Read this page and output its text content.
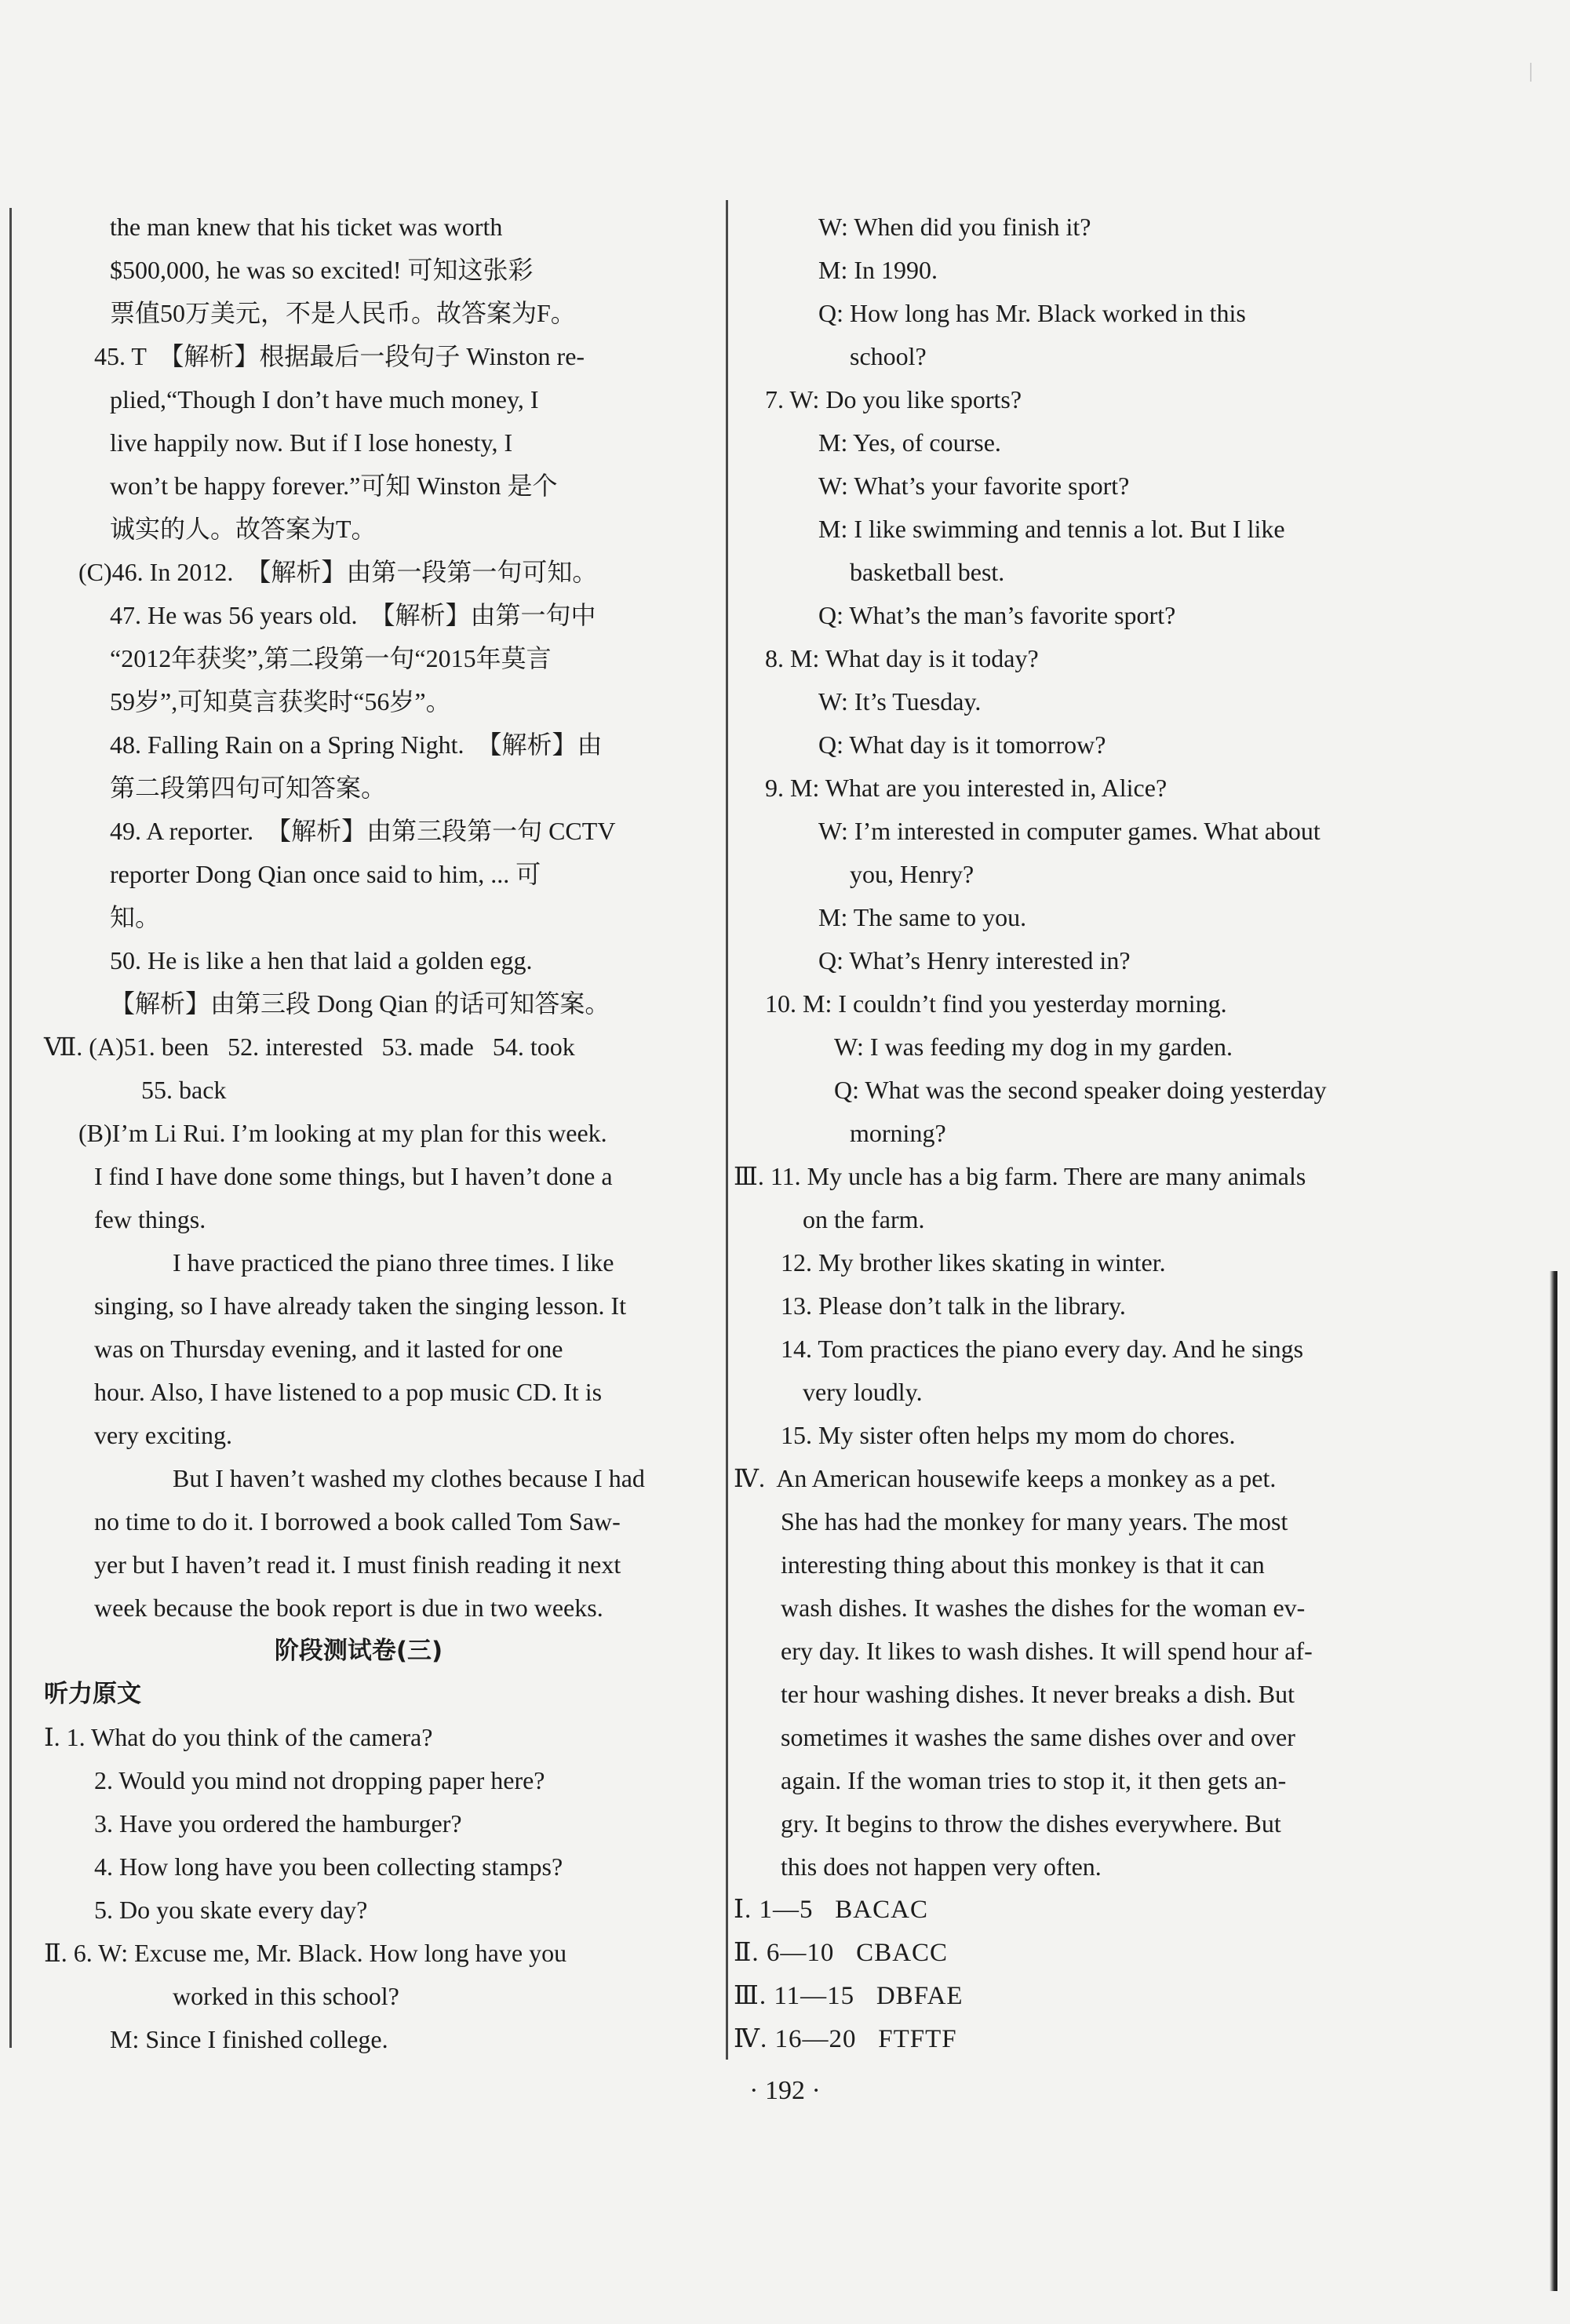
the man knew that his ticket was worth
$500,000, he was so excited! 可知这张彩
票值50万美元，不是人民币。故答案为F。
45. T  【解析】根据最后一段句子 Winston re-
plied,“Though I don’t have much money, I
live happily now. But if I lose honesty, I
won’t be happy forever.”可知 Winston 是个
诚实的人。故答案为T。
(C)46. In 2012.  【解析】由第一段第一句可知。
47. He was 56 years old.  【解析】由第一句中
“2012年获奖”,第二段第一句“2015年莫言
59岁”,可知莫言获奖时“56岁”。
48. Falling Rain on a Spring Night.  【解析】由
第二段第四句可知答案。
49. A reporter.  【解析】由第三段第一句 CCTV
reporter Dong Qian once said to him, ... 可
知。
50. He is like a hen that laid a golden egg.
【解析】由第三段 Dong Qian 的话可知答案。
Ⅶ. (A)51. been   52. interested   53. made   54. took
55. back
(B)I’m Li Rui. I’m looking at my plan for this week.
I find I have done some things, but I haven’t done a
few things.
I have practiced the piano three times. I like
singing, so I have already taken the singing lesson. It
was on Thursday evening, and it lasted for one
hour. Also, I have listened to a pop music CD. It is
very exciting.
But I haven’t washed my clothes because I had
no time to do it. I borrowed a book called Tom Saw-
yer but I haven’t read it. I must finish reading it next
week because the book report is due in two weeks.
阶段测试卷(三)
听力原文
Ⅰ. 1. What do you think of the camera?
2. Would you mind not dropping paper here?
3. Have you ordered the hamburger?
4. How long have you been collecting stamps?
5. Do you skate every day?
Ⅱ. 6. W: Excuse me, Mr. Black. How long have you
worked in this school?
M: Since I finished college.
W: When did you finish it?
M: In 1990.
Q: How long has Mr. Black worked in this
school?
7. W: Do you like sports?
M: Yes, of course.
W: What’s your favorite sport?
M: I like swimming and tennis a lot. But I like
basketball best.
Q: What’s the man’s favorite sport?
8. M: What day is it today?
W: It’s Tuesday.
Q: What day is it tomorrow?
9. M: What are you interested in, Alice?
W: I’m interested in computer games. What about
you, Henry?
M: The same to you.
Q: What’s Henry interested in?
10. M: I couldn’t find you yesterday morning.
W: I was feeding my dog in my garden.
Q: What was the second speaker doing yesterday
morning?
Ⅲ. 11. My uncle has a big farm. There are many animals
on the farm.
12. My brother likes skating in winter.
13. Please don’t talk in the library.
14. Tom practices the piano every day. And he sings
very loudly.
15. My sister often helps my mom do chores.
Ⅳ.  An American housewife keeps a monkey as a pet.
She has had the monkey for many years. The most
interesting thing about this monkey is that it can
wash dishes. It washes the dishes for the woman ev-
ery day. It likes to wash dishes. It will spend hour af-
ter hour washing dishes. It never breaks a dish. But
sometimes it washes the same dishes over and over
again. If the woman tries to stop it, it then gets an-
gry. It begins to throw the dishes everywhere. But
this does not happen very often.
Ⅰ. 1—5   BACAC
Ⅱ. 6—10   CBACC
Ⅲ. 11—15   DBFAE
Ⅳ. 16—20   FTFTF
· 192 ·
